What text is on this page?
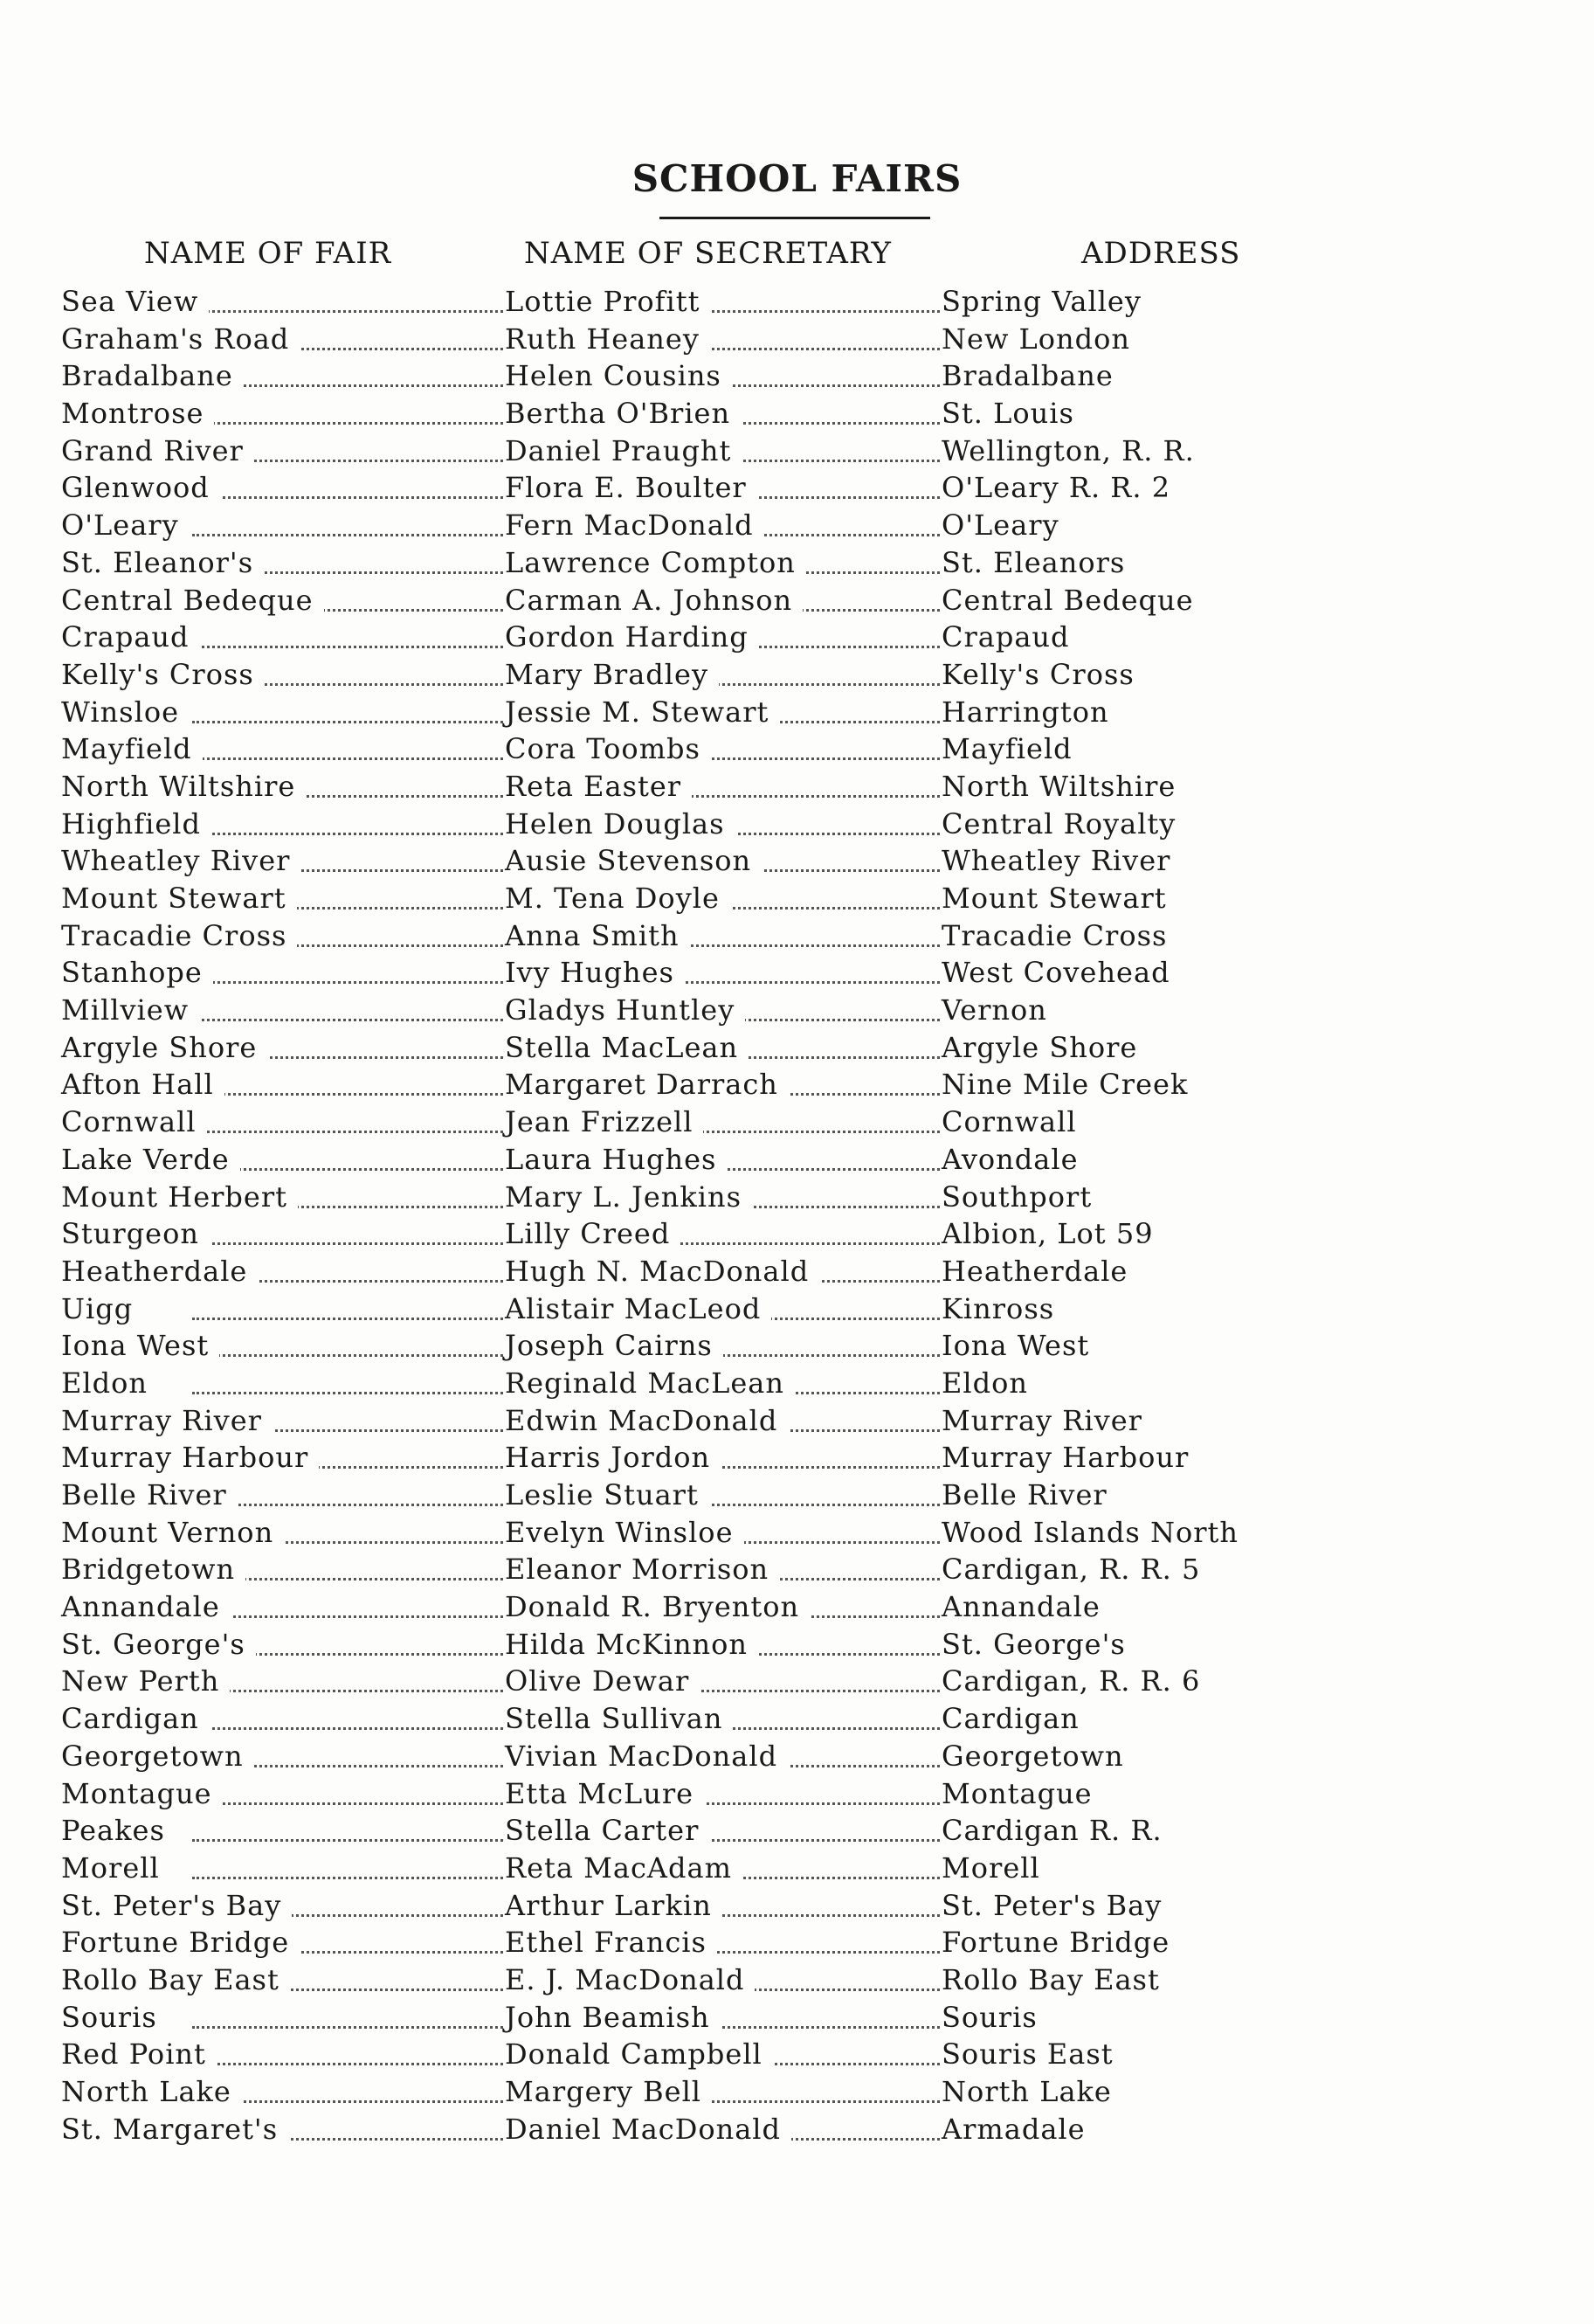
SCHOOL FAIRS
NAME OF FAIR	NAME OF SECRETARY	ADDRESS
Sea View	Lottie Profitt	Spring Valley
Graham's Road	Ruth Heaney	New London
Bradalbane	Helen Cousins	Bradalbane
Montrose	Bertha O'Brien	St. Louis
Grand River	Daniel Praught	Wellington, R. R.
Glenwood	Flora E. Boulter	O'Leary R. R. 2
O'Leary	Fern MacDonald	O'Leary
St. Eleanor's	Lawrence Compton	St. Eleanors
Central Bedeque	Carman A. Johnson	Central Bedeque
Crapaud	Gordon Harding	Crapaud
Kelly's Cross	Mary Bradley	Kelly's Cross
Winsloe	Jessie M. Stewart	Harrington
Mayfield	Cora Toombs	Mayfield
North Wiltshire	Reta Easter	North Wiltshire
Highfield	Helen Douglas	Central Royalty
Wheatley River	Ausie Stevenson	Wheatley River
Mount Stewart	M. Tena Doyle	Mount Stewart
Tracadie Cross	Anna Smith	Tracadie Cross
Stanhope	Ivy Hughes	West Covehead
Millview	Gladys Huntley	Vernon
Argyle Shore	Stella MacLean	Argyle Shore
Afton Hall	Margaret Darrach	Nine Mile Creek
Cornwall	Jean Frizzell	Cornwall
Lake Verde	Laura Hughes	Avondale
Mount Herbert	Mary L. Jenkins	Southport
Sturgeon	Lilly Creed	Albion, Lot 59
Heatherdale	Hugh N. MacDonald	Heatherdale
Uigg	Alistair MacLeod	Kinross
Iona West	Joseph Cairns	Iona West
Eldon	Reginald MacLean	Eldon
Murray River	Edwin MacDonald	Murray River
Murray Harbour	Harris Jordon	Murray Harbour
Belle River	Leslie Stuart	Belle River
Mount Vernon	Evelyn Winsloe	Wood Islands North
Bridgetown	Eleanor Morrison	Cardigan, R. R. 5
Annandale	Donald R. Bryenton	Annandale
St. George's	Hilda McKinnon	St. George's
New Perth	Olive Dewar	Cardigan, R. R. 6
Cardigan	Stella Sullivan	Cardigan
Georgetown	Vivian MacDonald	Georgetown
Montague	Etta McLure	Montague
Peakes	Stella Carter	Cardigan R. R.
Morell	Reta MacAdam	Morell
St. Peter's Bay	Arthur Larkin	St. Peter's Bay
Fortune Bridge	Ethel Francis	Fortune Bridge
Rollo Bay East	E. J. MacDonald	Rollo Bay East
Souris	John Beamish	Souris
Red Point	Donald Campbell	Souris East
North Lake	Margery Bell	North Lake
St. Margaret's	Daniel MacDonald	Armadale
